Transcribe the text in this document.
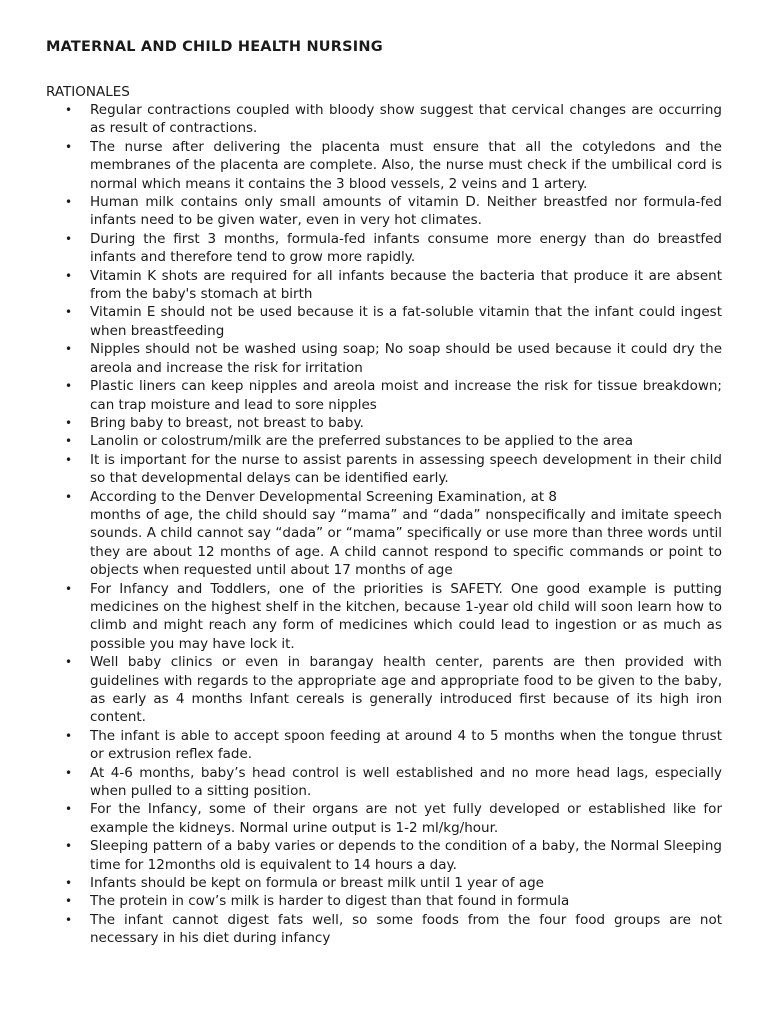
MATERNAL AND CHILD HEALTH NURSING
RATIONALES
• Regular contractions coupled with bloody show suggest that cervical changes are occurring as result of contractions.
• The nurse after delivering the placenta must ensure that all the cotyledons and the membranes of the placenta are complete. Also, the nurse must check if the umbilical cord is normal which means it contains the 3 blood vessels, 2 veins and 1 artery.
• Human milk contains only small amounts of vitamin D. Neither breastfed nor formula-fed infants need to be given water, even in very hot climates.
• During the first 3 months, formula-fed infants consume more energy than do breastfed infants and therefore tend to grow more rapidly.
• Vitamin K shots are required for all infants because the bacteria that produce it are absent from the baby's stomach at birth
• Vitamin E should not be used because it is a fat-soluble vitamin that the infant could ingest when breastfeeding
• Nipples should not be washed using soap; No soap should be used because it could dry the areola and increase the risk for irritation
• Plastic liners can keep nipples and areola moist and increase the risk for tissue breakdown; can trap moisture and lead to sore nipples
• Bring baby to breast, not breast to baby.
• Lanolin or colostrum/milk are the preferred substances to be applied to the area
• It is important for the nurse to assist parents in assessing speech development in their child so that developmental delays can be identified early.
• According to the Denver Developmental Screening Examination, at 8
months of age, the child should say “mama” and “dada” nonspecifically and imitate speech sounds. A child cannot say “dada” or “mama” specifically or use more than three words until they are about 12 months of age. A child cannot respond to specific commands or point to objects when requested until about 17 months of age
• For Infancy and Toddlers, one of the priorities is SAFETY. One good example is putting medicines on the highest shelf in the kitchen, because 1-year old child will soon learn how to climb and might reach any form of medicines which could lead to ingestion or as much as possible you may have lock it.
• Well baby clinics or even in barangay health center, parents are then provided with guidelines with regards to the appropriate age and appropriate food to be given to the baby, as early as 4 months Infant cereals is generally introduced first because of its high iron content.
• The infant is able to accept spoon feeding at around 4 to 5 months when the tongue thrust or extrusion reflex fade.
• At 4-6 months, baby’s head control is well established and no more head lags, especially when pulled to a sitting position.
• For the Infancy, some of their organs are not yet fully developed or established like for example the kidneys. Normal urine output is 1-2 ml/kg/hour.
• Sleeping pattern of a baby varies or depends to the condition of a baby, the Normal Sleeping time for 12months old is equivalent to 14 hours a day.
• Infants should be kept on formula or breast milk until 1 year of age
• The protein in cow’s milk is harder to digest than that found in formula
• The infant cannot digest fats well, so some foods from the four food groups are not necessary in his diet during infancy
